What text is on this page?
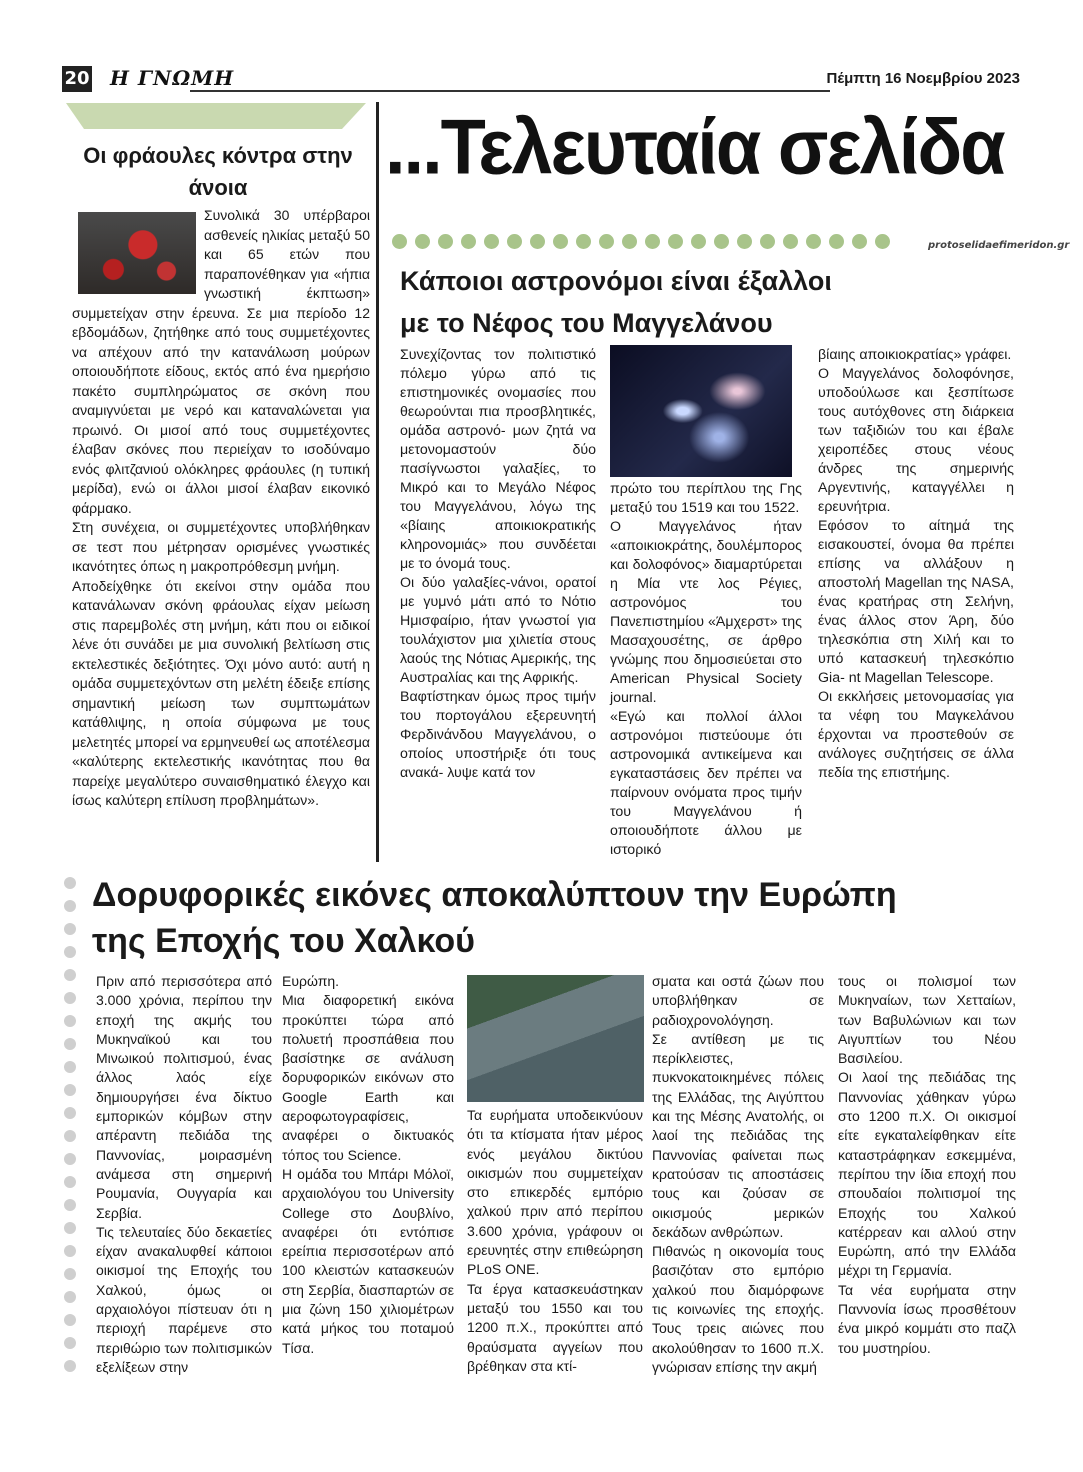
20 Η ΓΝΩΜΗ	Πέμπτη 16 Νοεμβρίου 2023
Οι φράουλες κόντρα στην άνοια

Συνολικά 30 υπέρβαροι ασθενείς ηλικίας μεταξύ 50 και 65 ετών που παραπονέθηκαν για «ήπια γνωστική έκπτωση» συμμετείχαν στην έρευνα. Σε μια περίοδο 12 εβδομάδων, ζητήθηκε από τους συμμετέχοντες να απέχουν από την κατανάλωση μούρων οποιουδήποτε είδους, εκτός από ένα ημερήσιο πακέτο συμπληρώματος σε σκόνη που αναμιγνύεται με νερό και καταναλώνεται για πρωινό. Οι μισοί από τους συμμετέχοντες έλαβαν σκόνες που περιείχαν το ισοδύναμο ενός φλιτζανιού ολόκληρες φράουλες (η τυπική μερίδα), ενώ οι άλλοι μισοί έλαβαν εικονικό φάρμακο.

Στη συνέχεια, οι συμμετέχοντες υποβλήθηκαν σε τεστ που μέτρησαν ορισμένες γνωστικές ικανότητες όπως η μακροπρόθεσμη μνήμη.

Αποδείχθηκε ότι εκείνοι στην ομάδα που κατανάλωναν σκόνη φράουλας είχαν μείωση στις παρεμβολές στη μνήμη, κάτι που οι ειδικοί λένε ότι συνάδει με μια συνολική βελτίωση στις εκτελεστικές δεξιότητες. Όχι μόνο αυτό: αυτή η ομάδα συμμετεχόντων στη μελέτη έδειξε επίσης σημαντική μείωση των συμπτωμάτων κατάθλιψης, η οποία σύμφωνα με τους μελετητές μπορεί να ερμηνευθεί ως αποτέλεσμα «καλύτερης εκτελεστικής ικανότητας που θα παρείχε μεγαλύτερο συναισθηματικό έλεγχο και ίσως καλύτερη επίλυση προβλημάτων».

...Τελευταία σελίδα
protoselidaefimeridon.gr
Κάποιοι αστρονόμοι είναι έξαλλοι
με το Νέφος του Μαγγελάνου

Συνεχίζοντας τον πολιτιστικό πόλεμο γύρω από τις επιστημονικές ονομασίες που θεωρούνται πια προσβλητικές, ομάδα αστρονό- μων ζητά να μετονομαστούν δύο πασίγνωστοι γαλαξίες, το Μικρό και το Μεγάλο Νέφος του Μαγγελάνου, λόγω της «βίαιης αποικιοκρατικής κληρονομιάς» που συνδέεται με το όνομά τους.

Οι δύο γαλαξίες-νάνοι, ορατοί με γυμνό μάτι από το Νότιο Ημισφαίριο, ήταν γνωστοί για τουλάχιστον μια χιλιετία στους λαούς της Νότιας Αμερικής, της Αυστραλίας και της Αφρικής.

Βαφτίστηκαν όμως προς τιμήν του πορτογάλου εξερευνητή Φερδινάνδου Μαγγελάνου, ο οποίος υποστήριξε ότι τους ανακά- λυψε κατά τον

πρώτο του περίπλου της Γης μεταξύ του 1519 και του 1522.

Ο Μαγγελάνος ήταν «αποικιοκράτης, δουλέμπορος και δολοφόνος» διαμαρτύρεται η Μία ντε λος Ρέγιες, αστρονόμος του Πανεπιστημίου «Άμχερστ» της Μασαχουσέτης, σε άρθρο γνώμης που δημοσιεύεται στο American Physical Society journal.

«Εγώ και πολλοί άλλοι αστρονόμοι πιστεύουμε ότι αστρονομικά αντικείμενα και εγκαταστάσεις δεν πρέπει να παίρνουν ονόματα προς τιμήν του Μαγγελάνου ή οποιουδήποτε άλλου με ιστορικό

βίαιης αποικιοκρατίας» γράφει.

Ο Μαγγελάνος δολοφόνησε, υποδούλωσε και ξεσπίτωσε τους αυτόχθονες στη διάρκεια των ταξιδιών του και έβαλε χειροπέδες στους νέους άνδρες της σημερινής Αργεντινής, καταγγέλλει η ερευνήτρια.

Εφόσον το αίτημά της εισακουστεί, όνομα θα πρέπει επίσης να αλλάξουν η αποστολή Magellan της NASA, ένας κρατήρας στη Σελήνη, ένας άλλος στον Άρη, δύο τηλεσκόπια στη Χιλή και το υπό κατασκευή τηλεσκόπιο Gia- nt Magellan Telescope.

Οι εκκλήσεις μετονομασίας για τα νέφη του Μαγκελάνου έρχονται να προστεθούν σε ανάλογες συζητήσεις σε άλλα πεδία της επιστήμης.

Δορυφορικές εικόνες αποκαλύπτουν την Ευρώπη
της Εποχής του Χαλκού

Πριν από περισσότερα από 3.000 χρόνια, περίπου την εποχή της ακμής του Μυκηναϊκού και του Μινωικού πολιτισμού, ένας άλλος λαός είχε δημιουργήσει ένα δίκτυο εμπορικών κόμβων στην απέραντη πεδιάδα της Παννονίας, μοιρασμένη ανάμεσα στη σημερινή Ρουμανία, Ουγγαρία και Σερβία.

Τις τελευταίες δύο δεκαετίες είχαν ανακαλυφθεί κάποιοι οικισμοί της Εποχής του Χαλκού, όμως οι αρχαιολόγοι πίστευαν ότι η περιοχή παρέμενε στο περιθώριο των πολιτισμικών εξελίξεων στην

Ευρώπη.

Μια διαφορετική εικόνα προκύπτει τώρα από πολυετή προσπάθεια που βασίστηκε σε ανάλυση δορυφορικών εικόνων στο Google Earth και αεροφωτογραφίσεις, αναφέρει ο δικτυακός τόπος του Science.

Η ομάδα του Μπάρι Μόλοϊ, αρχαιολόγου του University College στο Δουβλίνο, αναφέρει ότι εντόπισε ερείπια περισσοτέρων από 100 κλειστών κατασκευών στη Σερβία, διασπαρτών σε μια ζώνη 150 χιλιομέτρων κατά μήκος του ποταμού Τίσα.

Τα ευρήματα υποδεικνύουν ότι τα κτίσματα ήταν μέρος ενός μεγάλου δικτύου οικισμών που συμμετείχαν στο επικερδές εμπόριο χαλκού πριν από περίπου 3.600 χρόνια, γράφουν οι ερευνητές στην επιθεώρηση PLoS ONE.

Τα έργα κατασκευάστηκαν μεταξύ του 1550 και του 1200 π.Χ., προκύπτει από θραύσματα αγγείων που βρέθηκαν στα κτί-

σματα και οστά ζώων που υποβλήθηκαν σε ραδιοχρονολόγηση.

Σε αντίθεση με τις περίκλειστες, πυκνοκατοικημένες πόλεις της Ελλάδας, της Αιγύπτου και της Μέσης Ανατολής, οι λαοί της πεδιάδας της Παννονίας φαίνεται πως κρατούσαν τις αποστάσεις τους και ζούσαν σε οικισμούς μερικών δεκάδων ανθρώπων.

Πιθανώς η οικονομία τους βασιζόταν στο εμπόριο χαλκού που διαμόρφωνε τις κοινωνίες της εποχής. Τους τρεις αιώνες που ακολούθησαν το 1600 π.Χ. γνώρισαν επίσης την ακμή

τους οι πολισμοί των Μυκηναίων, των Χετταίων, των Βαβυλώνιων και των Αιγυπτίων του Νέου Βασιλείου.

Οι λαοί της πεδιάδας της Παννονίας χάθηκαν γύρω στο 1200 π.Χ. Οι οικισμοί είτε εγκαταλείφθηκαν είτε καταστράφηκαν εσκεμμένα, περίπου την ίδια εποχή που σπουδαίοι πολιτισμοί της Εποχής του Χαλκού κατέρρεαν και αλλού στην Ευρώπη, από την Ελλάδα μέχρι τη Γερμανία.

Τα νέα ευρήματα στην Παννονία ίσως προσθέτουν ένα μικρό κομμάτι στο παζλ του μυστηρίου.
